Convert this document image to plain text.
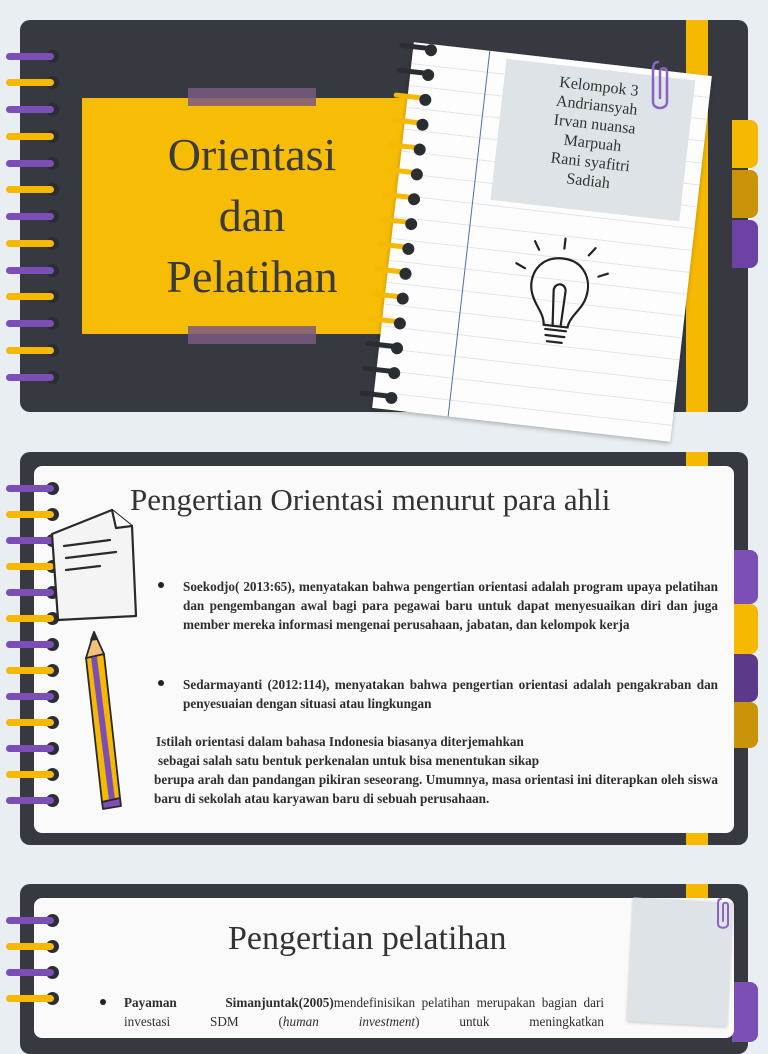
Orientasi
dan
Pelatihan
Kelompok 3
Andriansyah
Irvan nuansa
Marpuah
Rani syafitri
Sadiah
Pengertian Orientasi menurut para ahli
Soekodjo( 2013:65), menyatakan bahwa pengertian orientasi adalah program upaya pelatihan dan pengembangan awal bagi para pegawai baru untuk dapat menyesuaikan diri dan juga member mereka informasi mengenai perusahaan, jabatan, dan kelompok kerja
Sedarmayanti (2012:114), menyatakan bahwa pengertian orientasi adalah pengakraban dan penyesuaian dengan situasi atau lingkungan
Istilah orientasi dalam bahasa Indonesia biasanya diterjemahkan
sebagai salah satu bentuk perkenalan untuk bisa menentukan sikap
berupa arah dan pandangan pikiran seseorang. Umumnya, masa orientasi ini diterapkan oleh siswa baru di sekolah atau karyawan baru di sebuah perusahaan.
Pengertian pelatihan
Payaman Simanjuntak(2005)mendefinisikan pelatihan merupakan bagian dari investasi SDM (human investment) untuk meningkatkan
